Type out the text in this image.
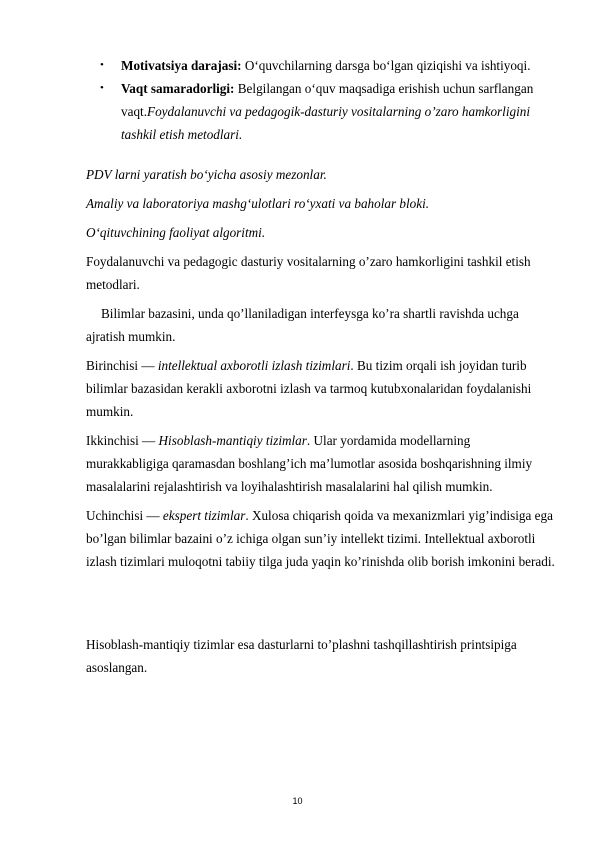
• Motivatsiya darajasi: O‘quvchilarning darsga bo‘lgan qiziqishi va ishtiyoqi.
• Vaqt samaradorligi: Belgilangan o‘quv maqsadiga erishish uchun sarflangan vaqt.Foydalanuvchi va pedagogik-dasturiy vositalarning o’zaro hamkorligini tashkil etish metodlari.

PDV larni yaratish bo‘yicha asosiy mezonlar.

Amaliy va laboratoriya mashg‘ulotlari ro‘yxati va baholar bloki.

O‘qituvchining faoliyat algoritmi.

Foydalanuvchi va pedagogic dasturiy vositalarning o’zaro hamkorligini tashkil etish metodlari.

Bilimlar bazasini, unda qo’llaniladigan interfeysga ko’ra shartli ravishda uchga ajratish mumkin.

Birinchisi — intellektual axborotli izlash tizimlari. Bu tizim orqali ish joyidan turib bilimlar bazasidan kerakli axborotni izlash va tarmoq kutubxonalaridan foydalanishi mumkin.

Ikkinchisi — Hisoblash-mantiqiy tizimlar. Ular yordamida modellarning murakkabligiga qaramasdan boshlang’ich ma’lumotlar asosida boshqarishning ilmiy masalalarini rejalashtirish va loyihalashtirish masalalarini hal qilish mumkin.

Uchinchisi — ekspert tizimlar. Xulosa chiqarish qoida va mexanizmlari yig’indisiga ega bo’lgan bilimlar bazaini o’z ichiga olgan sun’iy intellekt tizimi. Intellektual axborotli izlash tizimlari muloqotni tabiiy tilga juda yaqin ko’rinishda olib borish imkonini beradi.

Hisoblash-mantiqiy tizimlar esa dasturlarni to’plashni tashqillashtirish printsipiga asoslangan.

10
